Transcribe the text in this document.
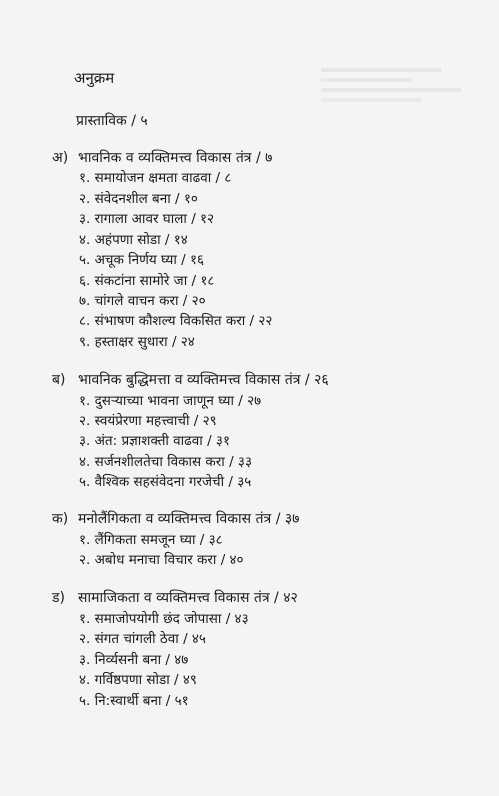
अनुक्रम
प्रास्ताविक / ५
अ) भावनिक व व्यक्तिमत्त्व विकास तंत्र / ७
१. समायोजन क्षमता वाढवा / ८
२. संवेदनशील बना / १०
३. रागाला आवर घाला / १२
४. अहंपणा सोडा / १४
५. अचूक निर्णय घ्या / १६
६. संकटांना सामोरे जा / १८
७. चांगले वाचन करा / २०
८. संभाषण कौशल्य विकसित करा / २२
९. हस्ताक्षर सुधारा / २४
ब) भावनिक बुद्धिमत्ता व व्यक्तिमत्त्व विकास तंत्र / २६
१. दुसऱ्याच्या भावना जाणून घ्या / २७
२. स्वयंप्रेरणा महत्त्वाची / २९
३. अंत: प्रज्ञाशक्ती वाढवा / ३१
४. सर्जनशीलतेचा विकास करा / ३३
५. वैश्विक सहसंवेदना गरजेची / ३५
क) मनोलैंगिकता व व्यक्तिमत्त्व विकास तंत्र / ३७
१. लैंगिकता समजून घ्या / ३८
२. अबोध मनाचा विचार करा / ४०
ड) सामाजिकता व व्यक्तिमत्त्व विकास तंत्र / ४२
१. समाजोपयोगी छंद जोपासा / ४३
२. संगत चांगली ठेवा / ४५
३. निर्व्यसनी बना / ४७
४. गर्विष्ठपणा सोडा / ४९
५. नि:स्वार्थी बना / ५१
